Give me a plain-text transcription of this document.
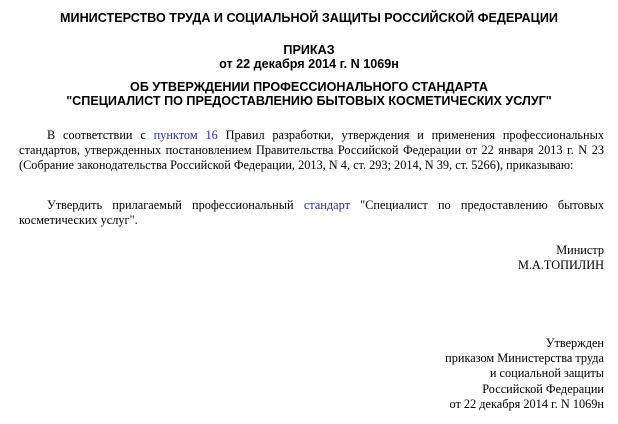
МИНИСТЕРСТВО ТРУДА И СОЦИАЛЬНОЙ ЗАЩИТЫ РОССИЙСКОЙ ФЕДЕРАЦИИ

ПРИКАЗ

от 22 декабря 2014 г. N 1069н

ОБ УТВЕРЖДЕНИИ ПРОФЕССИОНАЛЬНОГО СТАНДАРТА

"СПЕЦИАЛИСТ ПО ПРЕДОСТАВЛЕНИЮ БЫТОВЫХ КОСМЕТИЧЕСКИХ УСЛУГ"

В соответствии с пунктом 16 Правил разработки, утверждения и применения профессиональных стандартов, утвержденных постановлением Правительства Российской Федерации от 22 января 2013 г. N 23 (Собрание законодательства Российской Федерации, 2013, N 4, ст. 293; 2014, N 39, ст. 5266), приказываю:

Утвердить прилагаемый профессиональный стандарт "Специалист по предоставлению бытовых косметических услуг".

Министр
М.А.ТОПИЛИН
Утвержден
приказом Министерства труда
и социальной защиты
Российской Федерации
от 22 декабря 2014 г. N 1069н
